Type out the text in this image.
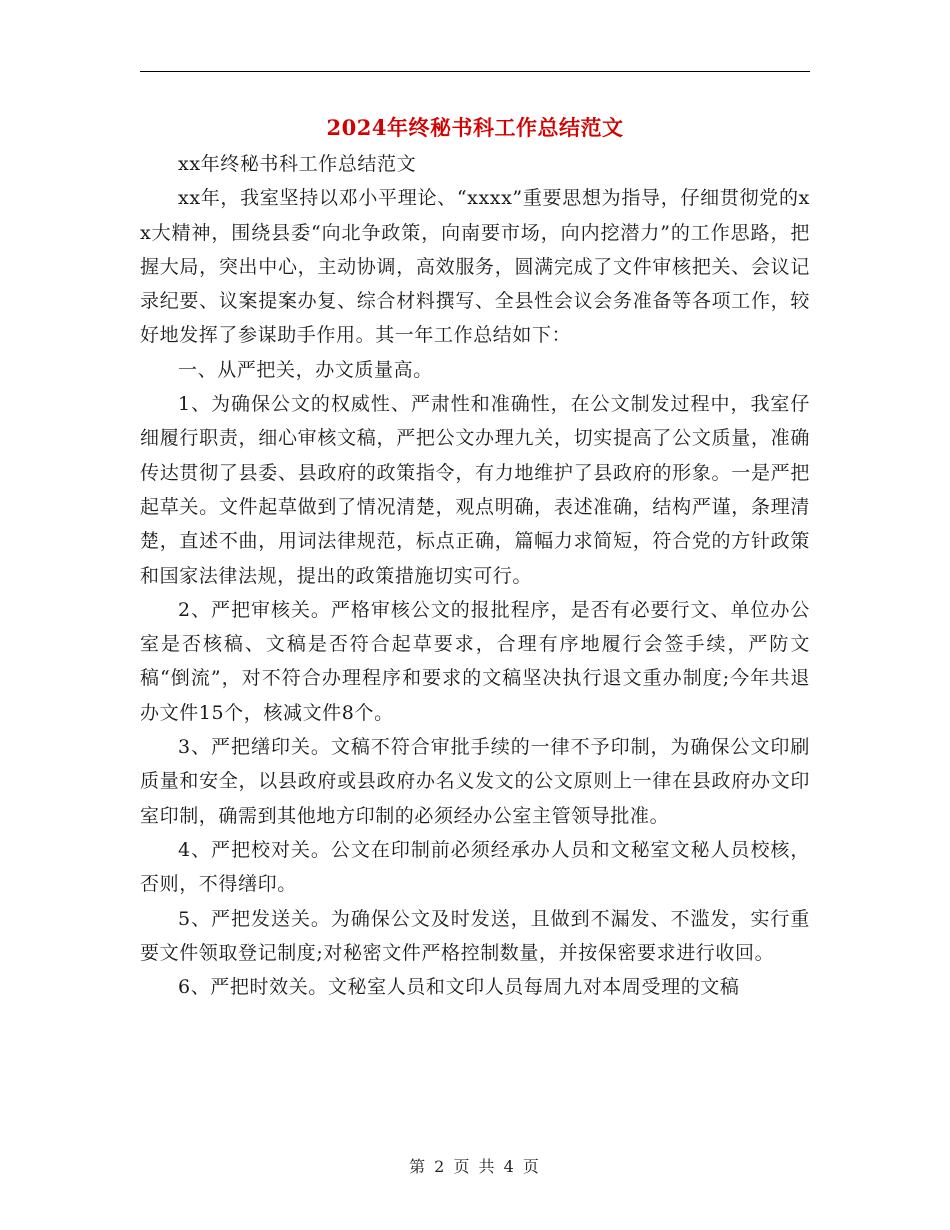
2024年终秘书科工作总结范文

xx年终秘书科工作总结范文

xx年，我室坚持以邓小平理论、“xxxx”重要思想为指导，仔细贯彻党的xx大精神，围绕县委“向北争政策，向南要市场，向内挖潜力”的工作思路，把握大局，突出中心，主动协调，高效服务，圆满完成了文件审核把关、会议记录纪要、议案提案办复、综合材料撰写、全县性会议会务准备等各项工作，较好地发挥了参谋助手作用。其一年工作总结如下：

一、从严把关，办文质量高。

1、为确保公文的权威性、严肃性和准确性，在公文制发过程中，我室仔细履行职责，细心审核文稿，严把公文办理九关，切实提高了公文质量，准确传达贯彻了县委、县政府的政策指令，有力地维护了县政府的形象。一是严把起草关。文件起草做到了情况清楚，观点明确，表述准确，结构严谨，条理清楚，直述不曲，用词法律规范，标点正确，篇幅力求简短，符合党的方针政策和国家法律法规，提出的政策措施切实可行。

2、严把审核关。严格审核公文的报批程序，是否有必要行文、单位办公室是否核稿、文稿是否符合起草要求，合理有序地履行会签手续，严防文稿“倒流”，对不符合办理程序和要求的文稿坚决执行退文重办制度;今年共退办文件15个，核减文件8个。

3、严把缮印关。文稿不符合审批手续的一律不予印制，为确保公文印刷质量和安全，以县政府或县政府办名义发文的公文原则上一律在县政府办文印室印制，确需到其他地方印制的必须经办公室主管领导批准。

4、严把校对关。公文在印制前必须经承办人员和文秘室文秘人员校核，否则，不得缮印。

5、严把发送关。为确保公文及时发送，且做到不漏发、不滥发，实行重要文件领取登记制度;对秘密文件严格控制数量，并按保密要求进行收回。

6、严把时效关。文秘室人员和文印人员每周九对本周受理的文稿

第 2 页 共 4 页
